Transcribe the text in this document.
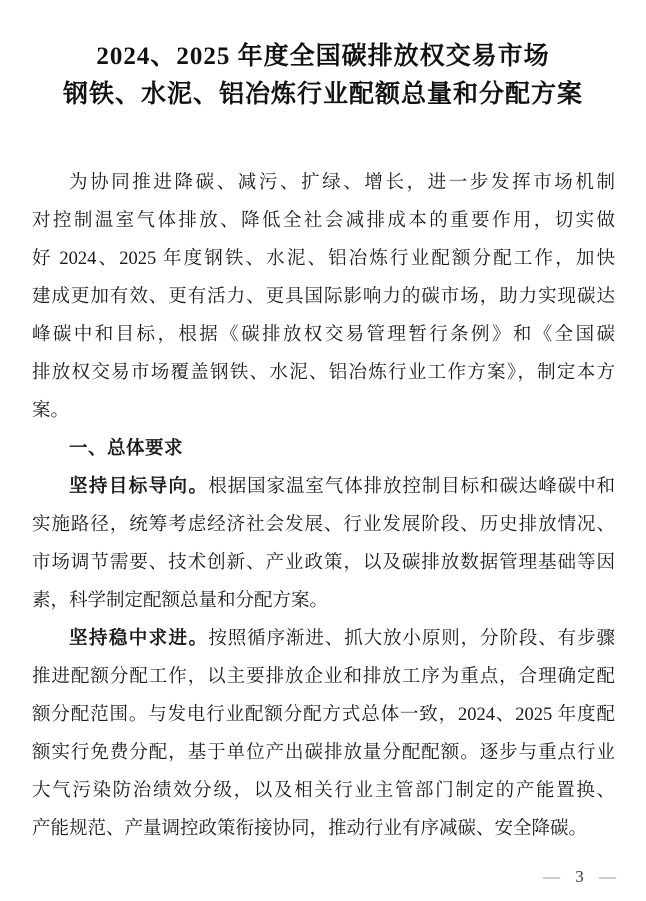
2024、2025 年度全国碳排放权交易市场
钢铁、水泥、铝冶炼行业配额总量和分配方案
为协同推进降碳、减污、扩绿、增长，进一步发挥市场机制
对控制温室气体排放、降低全社会减排成本的重要作用，切实做
好 2024、2025 年度钢铁、水泥、铝冶炼行业配额分配工作，加快
建成更加有效、更有活力、更具国际影响力的碳市场，助力实现碳达
峰碳中和目标，根据《碳排放权交易管理暂行条例》和《全国碳
排放权交易市场覆盖钢铁、水泥、铝冶炼行业工作方案》，制定本方
案。
一、总体要求
坚持目标导向。根据国家温室气体排放控制目标和碳达峰碳中和
实施路径，统筹考虑经济社会发展、行业发展阶段、历史排放情况、
市场调节需要、技术创新、产业政策，以及碳排放数据管理基础等因
素，科学制定配额总量和分配方案。
坚持稳中求进。按照循序渐进、抓大放小原则，分阶段、有步骤
推进配额分配工作，以主要排放企业和排放工序为重点，合理确定配
额分配范围。与发电行业配额分配方式总体一致，2024、2025 年度配
额实行免费分配，基于单位产出碳排放量分配配额。逐步与重点行业
大气污染防治绩效分级，以及相关行业主管部门制定的产能置换、
产能规范、产量调控政策衔接协同，推动行业有序减碳、安全降碳。
— 3 —
